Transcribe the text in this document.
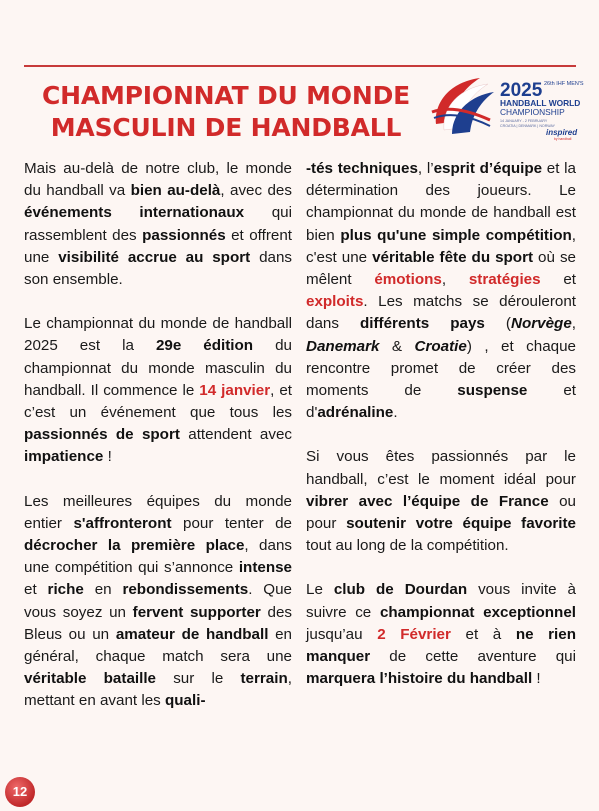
CHAMPIONNAT DU MONDE
MASCULIN DE HANDBALL
2025 26th IHF MEN'S
HANDBALL WORLD
CHAMPIONSHIP
14 JANUARY - 2 FEBRUARY
CROATIA | DENMARK | NORWAY
inspired
by handball

Mais au-delà de notre club, le monde du handball va bien au-delà, avec des événements internationaux qui rassemblent des passionnés et offrent une visibilité accrue au sport dans son ensemble.

Le championnat du monde de handball 2025 est la 29e édition du championnat du monde masculin du handball. Il commence le 14 janvier, et c’est un événement que tous les passionnés de sport attendent avec impatience !

Les meilleures équipes du monde entier s'affronteront pour tenter de décrocher la première place, dans une compétition qui s’annonce intense et riche en rebondissements. Que vous soyez un fervent supporter des Bleus ou un amateur de handball en général, chaque match sera une véritable bataille sur le terrain, mettant en avant les quali-

-tés techniques, l’esprit d’équipe et la détermination des joueurs. Le championnat du monde de handball est bien plus qu'une simple compétition, c'est une véritable fête du sport où se mêlent émotions, stratégies et exploits. Les matchs se dérouleront dans différents pays (Norvège, Danemark & Croatie) , et chaque rencontre promet de créer des moments de suspense et d'adrénaline.

Si vous êtes passionnés par le handball, c’est le moment idéal pour vibrer avec l’équipe de France ou pour soutenir votre équipe favorite tout au long de la compétition.

Le club de Dourdan vous invite à suivre ce championnat exceptionnel jusqu’au 2 Février et à ne rien manquer de cette aventure qui marquera l’histoire du handball !

12
